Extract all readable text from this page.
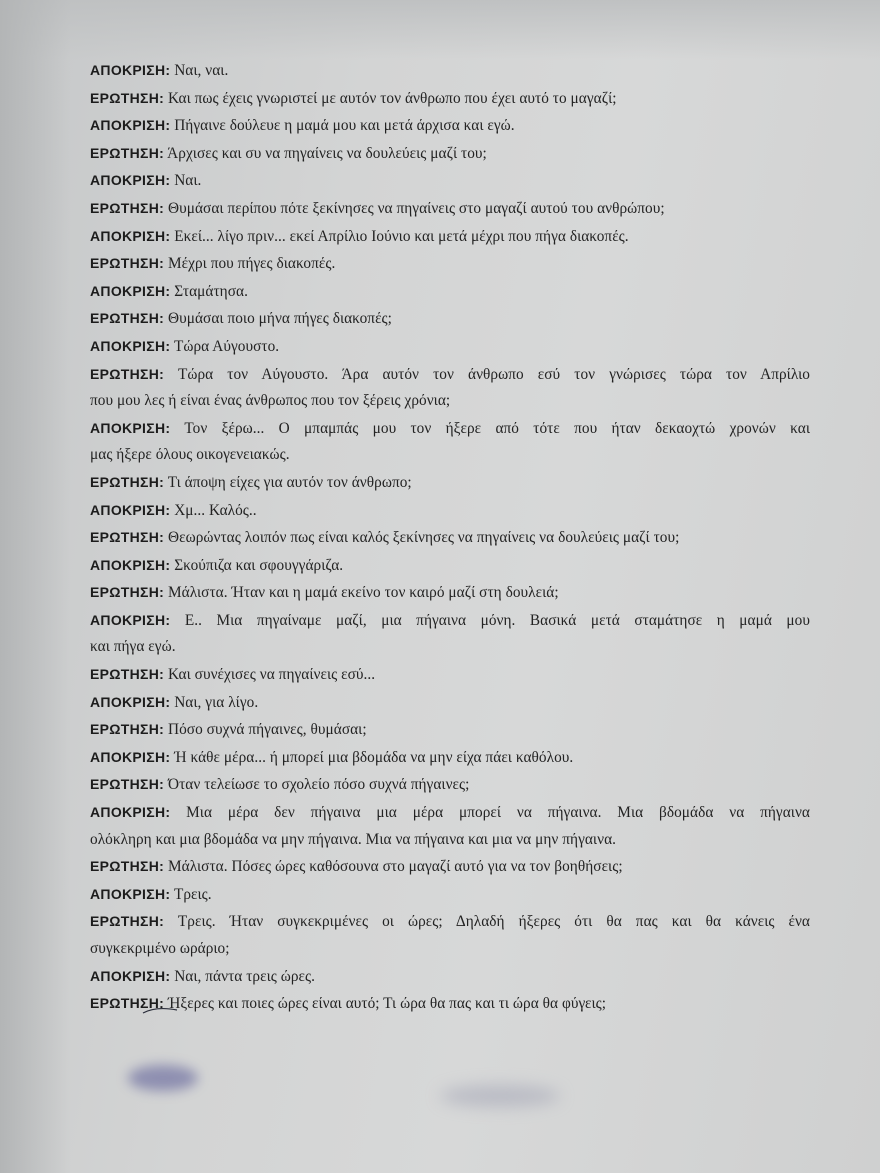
ΑΠΟΚΡΙΣΗ: Ναι, ναι.
ΕΡΩΤΗΣΗ: Και πως έχεις γνωριστεί με αυτόν τον άνθρωπο που έχει αυτό το μαγαζί;
ΑΠΟΚΡΙΣΗ: Πήγαινε δούλευε η μαμά μου και μετά άρχισα και εγώ.
ΕΡΩΤΗΣΗ: Άρχισες και συ να πηγαίνεις να δουλεύεις μαζί του;
ΑΠΟΚΡΙΣΗ: Ναι.
ΕΡΩΤΗΣΗ: Θυμάσαι περίπου πότε ξεκίνησες να πηγαίνεις στο μαγαζί αυτού του ανθρώπου;
ΑΠΟΚΡΙΣΗ: Εκεί... λίγο πριν... εκεί Απρίλιο Ιούνιο και μετά μέχρι που πήγα διακοπές.
ΕΡΩΤΗΣΗ: Μέχρι που πήγες διακοπές.
ΑΠΟΚΡΙΣΗ: Σταμάτησα.
ΕΡΩΤΗΣΗ: Θυμάσαι ποιο μήνα πήγες διακοπές;
ΑΠΟΚΡΙΣΗ: Τώρα Αύγουστο.
ΕΡΩΤΗΣΗ: Τώρα τον Αύγουστο. Άρα αυτόν τον άνθρωπο εσύ τον γνώρισες τώρα τον Απρίλιο
που μου λες ή είναι ένας άνθρωπος που τον ξέρεις χρόνια;
ΑΠΟΚΡΙΣΗ: Τον ξέρω... Ο μπαμπάς μου τον ήξερε από τότε που ήταν δεκαοχτώ χρονών και
μας ήξερε όλους οικογενειακώς.
ΕΡΩΤΗΣΗ: Τι άποψη είχες για αυτόν τον άνθρωπο;
ΑΠΟΚΡΙΣΗ: Χμ... Καλός..
ΕΡΩΤΗΣΗ: Θεωρώντας λοιπόν πως είναι καλός ξεκίνησες να πηγαίνεις να δουλεύεις μαζί του;
ΑΠΟΚΡΙΣΗ: Σκούπιζα και σφουγγάριζα.
ΕΡΩΤΗΣΗ: Μάλιστα. Ήταν και η μαμά εκείνο τον καιρό μαζί στη δουλειά;
ΑΠΟΚΡΙΣΗ: Ε.. Μια πηγαίναμε μαζί, μια πήγαινα μόνη. Βασικά μετά σταμάτησε η μαμά μου
και πήγα εγώ.
ΕΡΩΤΗΣΗ: Και συνέχισες να πηγαίνεις εσύ...
ΑΠΟΚΡΙΣΗ: Ναι, για λίγο.
ΕΡΩΤΗΣΗ: Πόσο συχνά πήγαινες, θυμάσαι;
ΑΠΟΚΡΙΣΗ: Ή κάθε μέρα... ή μπορεί μια βδομάδα να μην είχα πάει καθόλου.
ΕΡΩΤΗΣΗ: Όταν τελείωσε το σχολείο πόσο συχνά πήγαινες;
ΑΠΟΚΡΙΣΗ: Μια μέρα δεν πήγαινα μια μέρα μπορεί να πήγαινα. Μια βδομάδα να πήγαινα
ολόκληρη και μια βδομάδα να μην πήγαινα. Μια να πήγαινα και μια να μην πήγαινα.
ΕΡΩΤΗΣΗ: Μάλιστα. Πόσες ώρες καθόσουνα στο μαγαζί αυτό για να τον βοηθήσεις;
ΑΠΟΚΡΙΣΗ: Τρεις.
ΕΡΩΤΗΣΗ: Τρεις. Ήταν συγκεκριμένες οι ώρες; Δηλαδή ήξερες ότι θα πας και θα κάνεις ένα
συγκεκριμένο ωράριο;
ΑΠΟΚΡΙΣΗ: Ναι, πάντα τρεις ώρες.
ΕΡΩΤΗΣΗ: Ήξερες και ποιες ώρες είναι αυτό; Τι ώρα θα πας και τι ώρα θα φύγεις;
